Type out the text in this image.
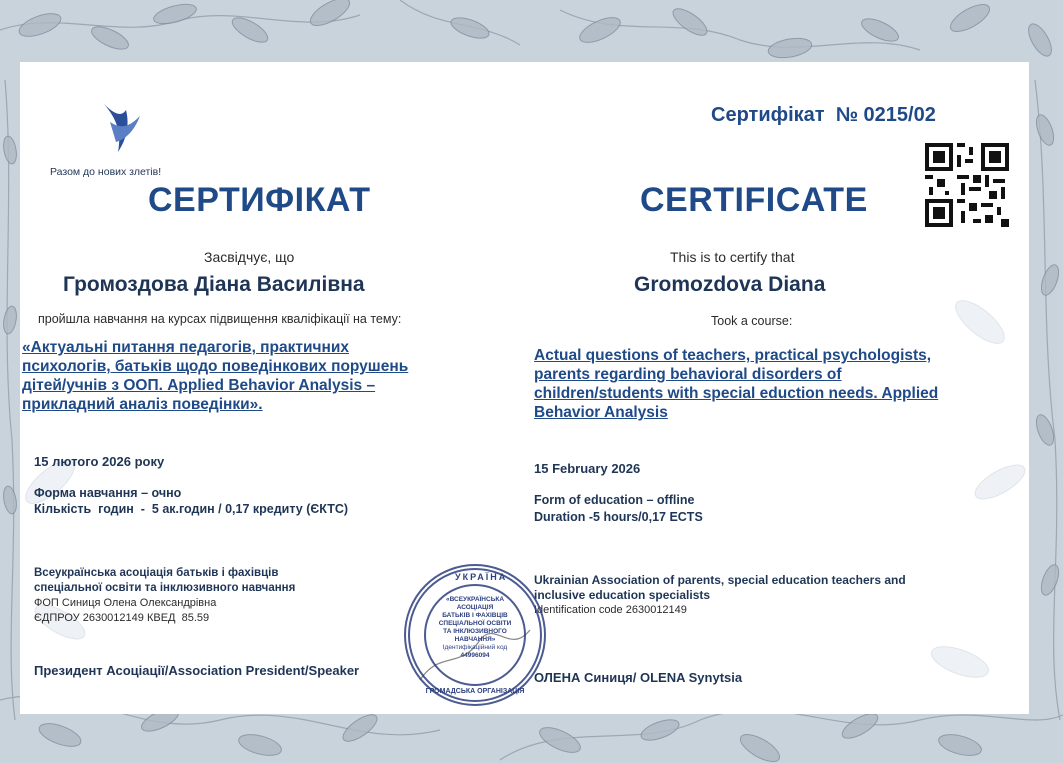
Разом до нових злетів!
Сертифікат  № 0215/02
СЕРТИФІКАТ
Засвідчує, що
Громоздова Діана Василівна
пройшла навчання на курсах підвищення кваліфікації на тему:
«Актуальні питання педагогів, практичних
психологів, батьків щодо поведінкових порушень
дітей/учнів з ООП. Applied Behavior Analysis –
прикладний аналіз поведінки».
15 лютого 2026 року
Форма навчання – очно
Кількість  годин  -  5 ак.годин / 0,17 кредиту (ЄКТС)
Всеукраїнська асоціація батьків і фахівців
спеціальної освіти та інклюзивного навчання
ФОП Синиця Олена Олександрівна
ЄДПРОУ 2630012149 КВЕД  85.59
Президент Асоціації/Association President/Speaker
CERTIFICATE
This is to certify that
Gromozdova Diana
Took a course:
Actual questions of teachers, practical psychologists,
parents regarding behavioral disorders of
children/students with special eduction needs. Applied
Behavior Analysis
15 February 2026
Form of education – offline
Duration -5 hours/0,17 ECTS
Ukrainian Association of parents, special education teachers and
inclusive education specialists
Identification code 2630012149
ОЛЕНА Синиця/ OLENA Synytsia
УКРАЇНА
ГРОМАДСЬКА ОРГАНІЗАЦІЯ
«ВСЕУКРАЇНСЬКА
АСОЦІАЦІЯ
БАТЬКІВ І ФАХІВЦІВ
СПЕЦІАЛЬНОЇ ОСВІТИ
ТА ІНКЛЮЗИВНОГО
НАВЧАННЯ»
Ідентифікаційний код
44996094
